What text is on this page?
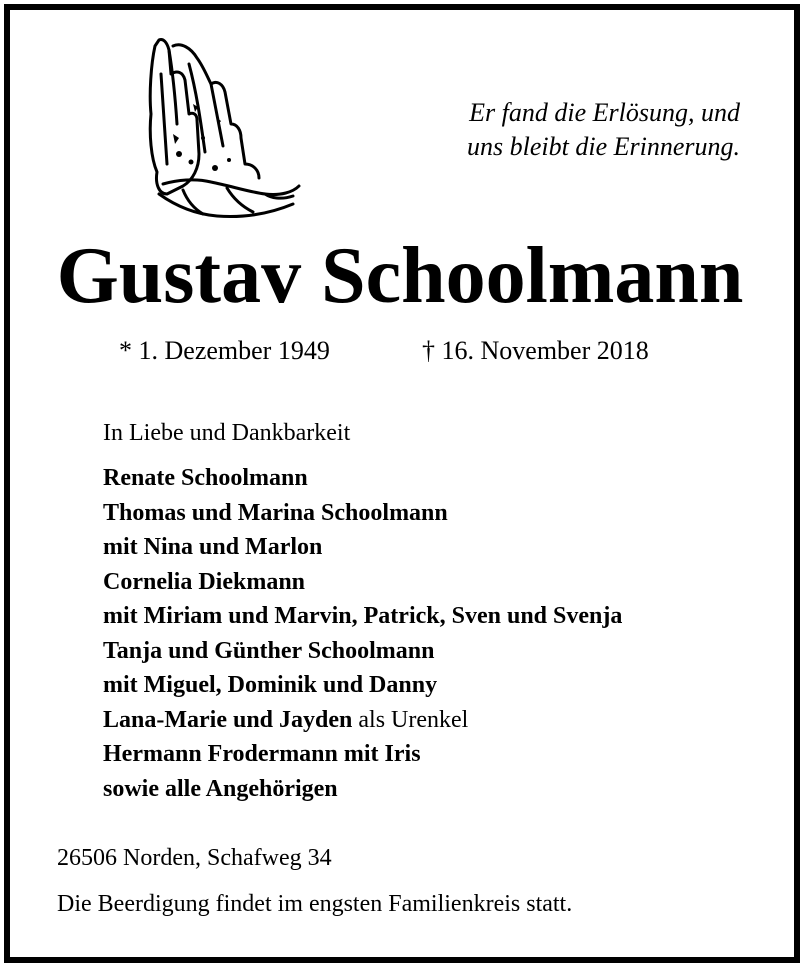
Er fand die Erlösung, und
uns bleibt die Erinnerung.
Gustav Schoolmann
* 1. Dezember 1949	† 16. November 2018
In Liebe und Dankbarkeit
Renate Schoolmann
Thomas und Marina Schoolmann
mit Nina und Marlon
Cornelia Diekmann
mit Miriam und Marvin, Patrick, Sven und Svenja
Tanja und Günther Schoolmann
mit Miguel, Dominik und Danny
Lana-Marie und Jayden als Urenkel
Hermann Frodermann mit Iris
sowie alle Angehörigen
26506 Norden, Schafweg 34
Die Beerdigung findet im engsten Familienkreis statt.
